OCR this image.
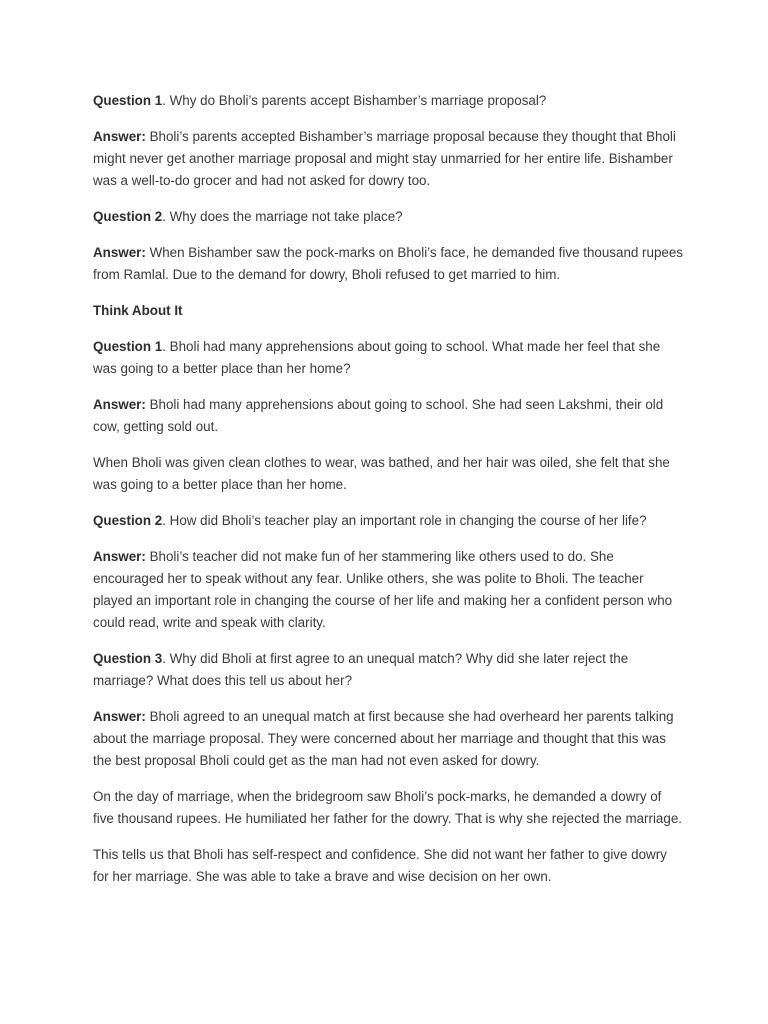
Question 1. Why do Bholi’s parents accept Bishamber’s marriage proposal?

Answer: Bholi’s parents accepted Bishamber’s marriage proposal because they thought that Bholi might never get another marriage proposal and might stay unmarried for her entire life. Bishamber was a well-to-do grocer and had not asked for dowry too.

Question 2. Why does the marriage not take place?

Answer: When Bishamber saw the pock-marks on Bholi’s face, he demanded five thousand rupees from Ramlal. Due to the demand for dowry, Bholi refused to get married to him.

Think About It

Question 1. Bholi had many apprehensions about going to school. What made her feel that she was going to a better place than her home?

Answer: Bholi had many apprehensions about going to school. She had seen Lakshmi, their old cow, getting sold out.

When Bholi was given clean clothes to wear, was bathed, and her hair was oiled, she felt that she was going to a better place than her home.

Question 2. How did Bholi’s teacher play an important role in changing the course of her life?

Answer: Bholi’s teacher did not make fun of her stammering like others used to do. She encouraged her to speak without any fear. Unlike others, she was polite to Bholi. The teacher played an important role in changing the course of her life and making her a confident person who could read, write and speak with clarity.

Question 3. Why did Bholi at first agree to an unequal match? Why did she later reject the marriage? What does this tell us about her?

Answer: Bholi agreed to an unequal match at first because she had overheard her parents talking about the marriage proposal. They were concerned about her marriage and thought that this was the best proposal Bholi could get as the man had not even asked for dowry.

On the day of marriage, when the bridegroom saw Bholi’s pock-marks, he demanded a dowry of five thousand rupees. He humiliated her father for the dowry. That is why she rejected the marriage.

This tells us that Bholi has self-respect and confidence. She did not want her father to give dowry for her marriage. She was able to take a brave and wise decision on her own.
